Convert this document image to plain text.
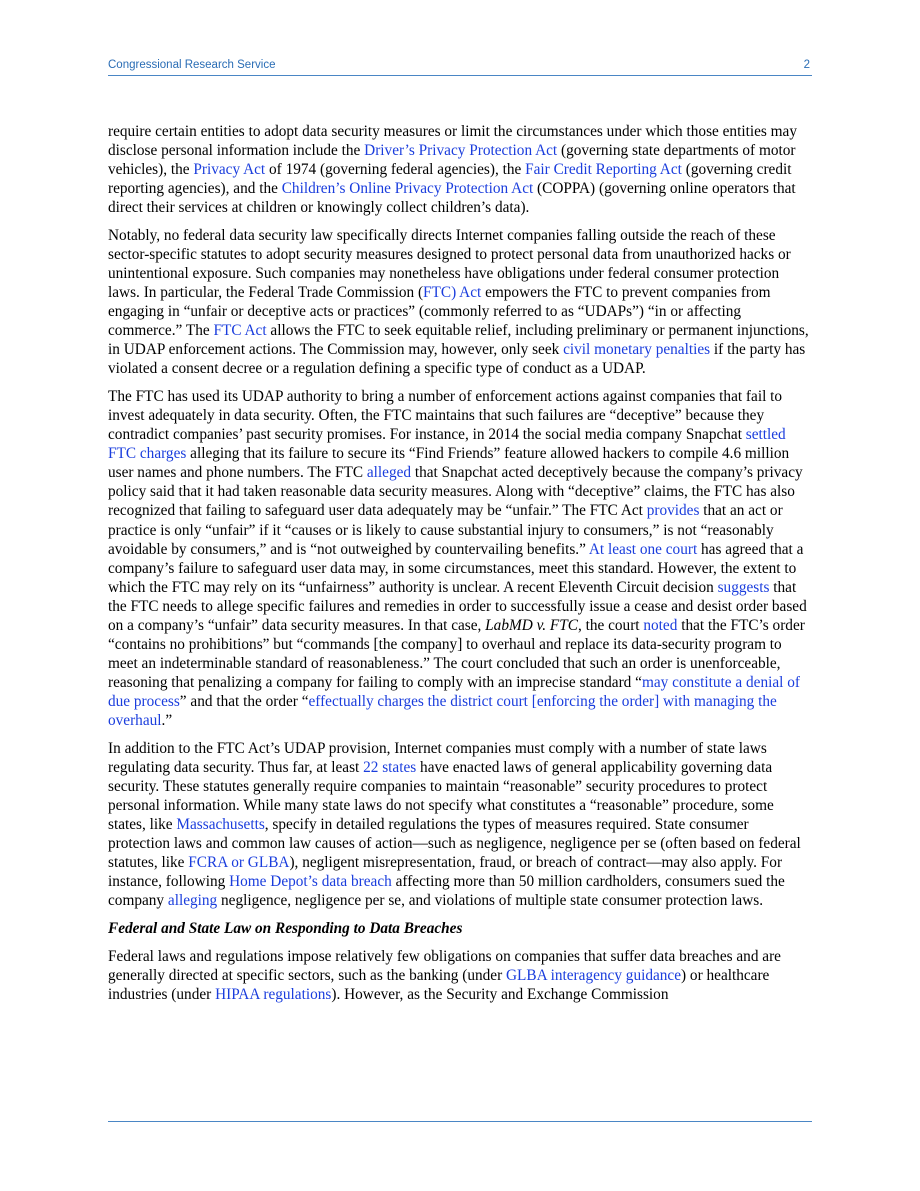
Congressional Research Service	2

require certain entities to adopt data security measures or limit the circumstances under which those entities may disclose personal information include the Driver’s Privacy Protection Act (governing state departments of motor vehicles), the Privacy Act of 1974 (governing federal agencies), the Fair Credit Reporting Act (governing credit reporting agencies), and the Children’s Online Privacy Protection Act (COPPA) (governing online operators that direct their services at children or knowingly collect children’s data).

Notably, no federal data security law specifically directs Internet companies falling outside the reach of these sector-specific statutes to adopt security measures designed to protect personal data from unauthorized hacks or unintentional exposure. Such companies may nonetheless have obligations under federal consumer protection laws. In particular, the Federal Trade Commission (FTC) Act empowers the FTC to prevent companies from engaging in “unfair or deceptive acts or practices” (commonly referred to as “UDAPs”) “in or affecting commerce.” The FTC Act allows the FTC to seek equitable relief, including preliminary or permanent injunctions, in UDAP enforcement actions. The Commission may, however, only seek civil monetary penalties if the party has violated a consent decree or a regulation defining a specific type of conduct as a UDAP.

The FTC has used its UDAP authority to bring a number of enforcement actions against companies that fail to invest adequately in data security. Often, the FTC maintains that such failures are “deceptive” because they contradict companies’ past security promises. For instance, in 2014 the social media company Snapchat settled FTC charges alleging that its failure to secure its “Find Friends” feature allowed hackers to compile 4.6 million user names and phone numbers. The FTC alleged that Snapchat acted deceptively because the company’s privacy policy said that it had taken reasonable data security measures. Along with “deceptive” claims, the FTC has also recognized that failing to safeguard user data adequately may be “unfair.” The FTC Act provides that an act or practice is only “unfair” if it “causes or is likely to cause substantial injury to consumers,” is not “reasonably avoidable by consumers,” and is “not outweighed by countervailing benefits.” At least one court has agreed that a company’s failure to safeguard user data may, in some circumstances, meet this standard. However, the extent to which the FTC may rely on its “unfairness” authority is unclear. A recent Eleventh Circuit decision suggests that the FTC needs to allege specific failures and remedies in order to successfully issue a cease and desist order based on a company’s “unfair” data security measures. In that case, LabMD v. FTC, the court noted that the FTC’s order “contains no prohibitions” but “commands [the company] to overhaul and replace its data-security program to meet an indeterminable standard of reasonableness.” The court concluded that such an order is unenforceable, reasoning that penalizing a company for failing to comply with an imprecise standard “may constitute a denial of due process” and that the order “effectually charges the district court [enforcing the order] with managing the overhaul.”

In addition to the FTC Act’s UDAP provision, Internet companies must comply with a number of state laws regulating data security. Thus far, at least 22 states have enacted laws of general applicability governing data security. These statutes generally require companies to maintain “reasonable” security procedures to protect personal information. While many state laws do not specify what constitutes a “reasonable” procedure, some states, like Massachusetts, specify in detailed regulations the types of measures required. State consumer protection laws and common law causes of action—such as negligence, negligence per se (often based on federal statutes, like FCRA or GLBA), negligent misrepresentation, fraud, or breach of contract—may also apply. For instance, following Home Depot’s data breach affecting more than 50 million cardholders, consumers sued the company alleging negligence, negligence per se, and violations of multiple state consumer protection laws.

Federal and State Law on Responding to Data Breaches

Federal laws and regulations impose relatively few obligations on companies that suffer data breaches and are generally directed at specific sectors, such as the banking (under GLBA interagency guidance) or healthcare industries (under HIPAA regulations). However, as the Security and Exchange Commission
